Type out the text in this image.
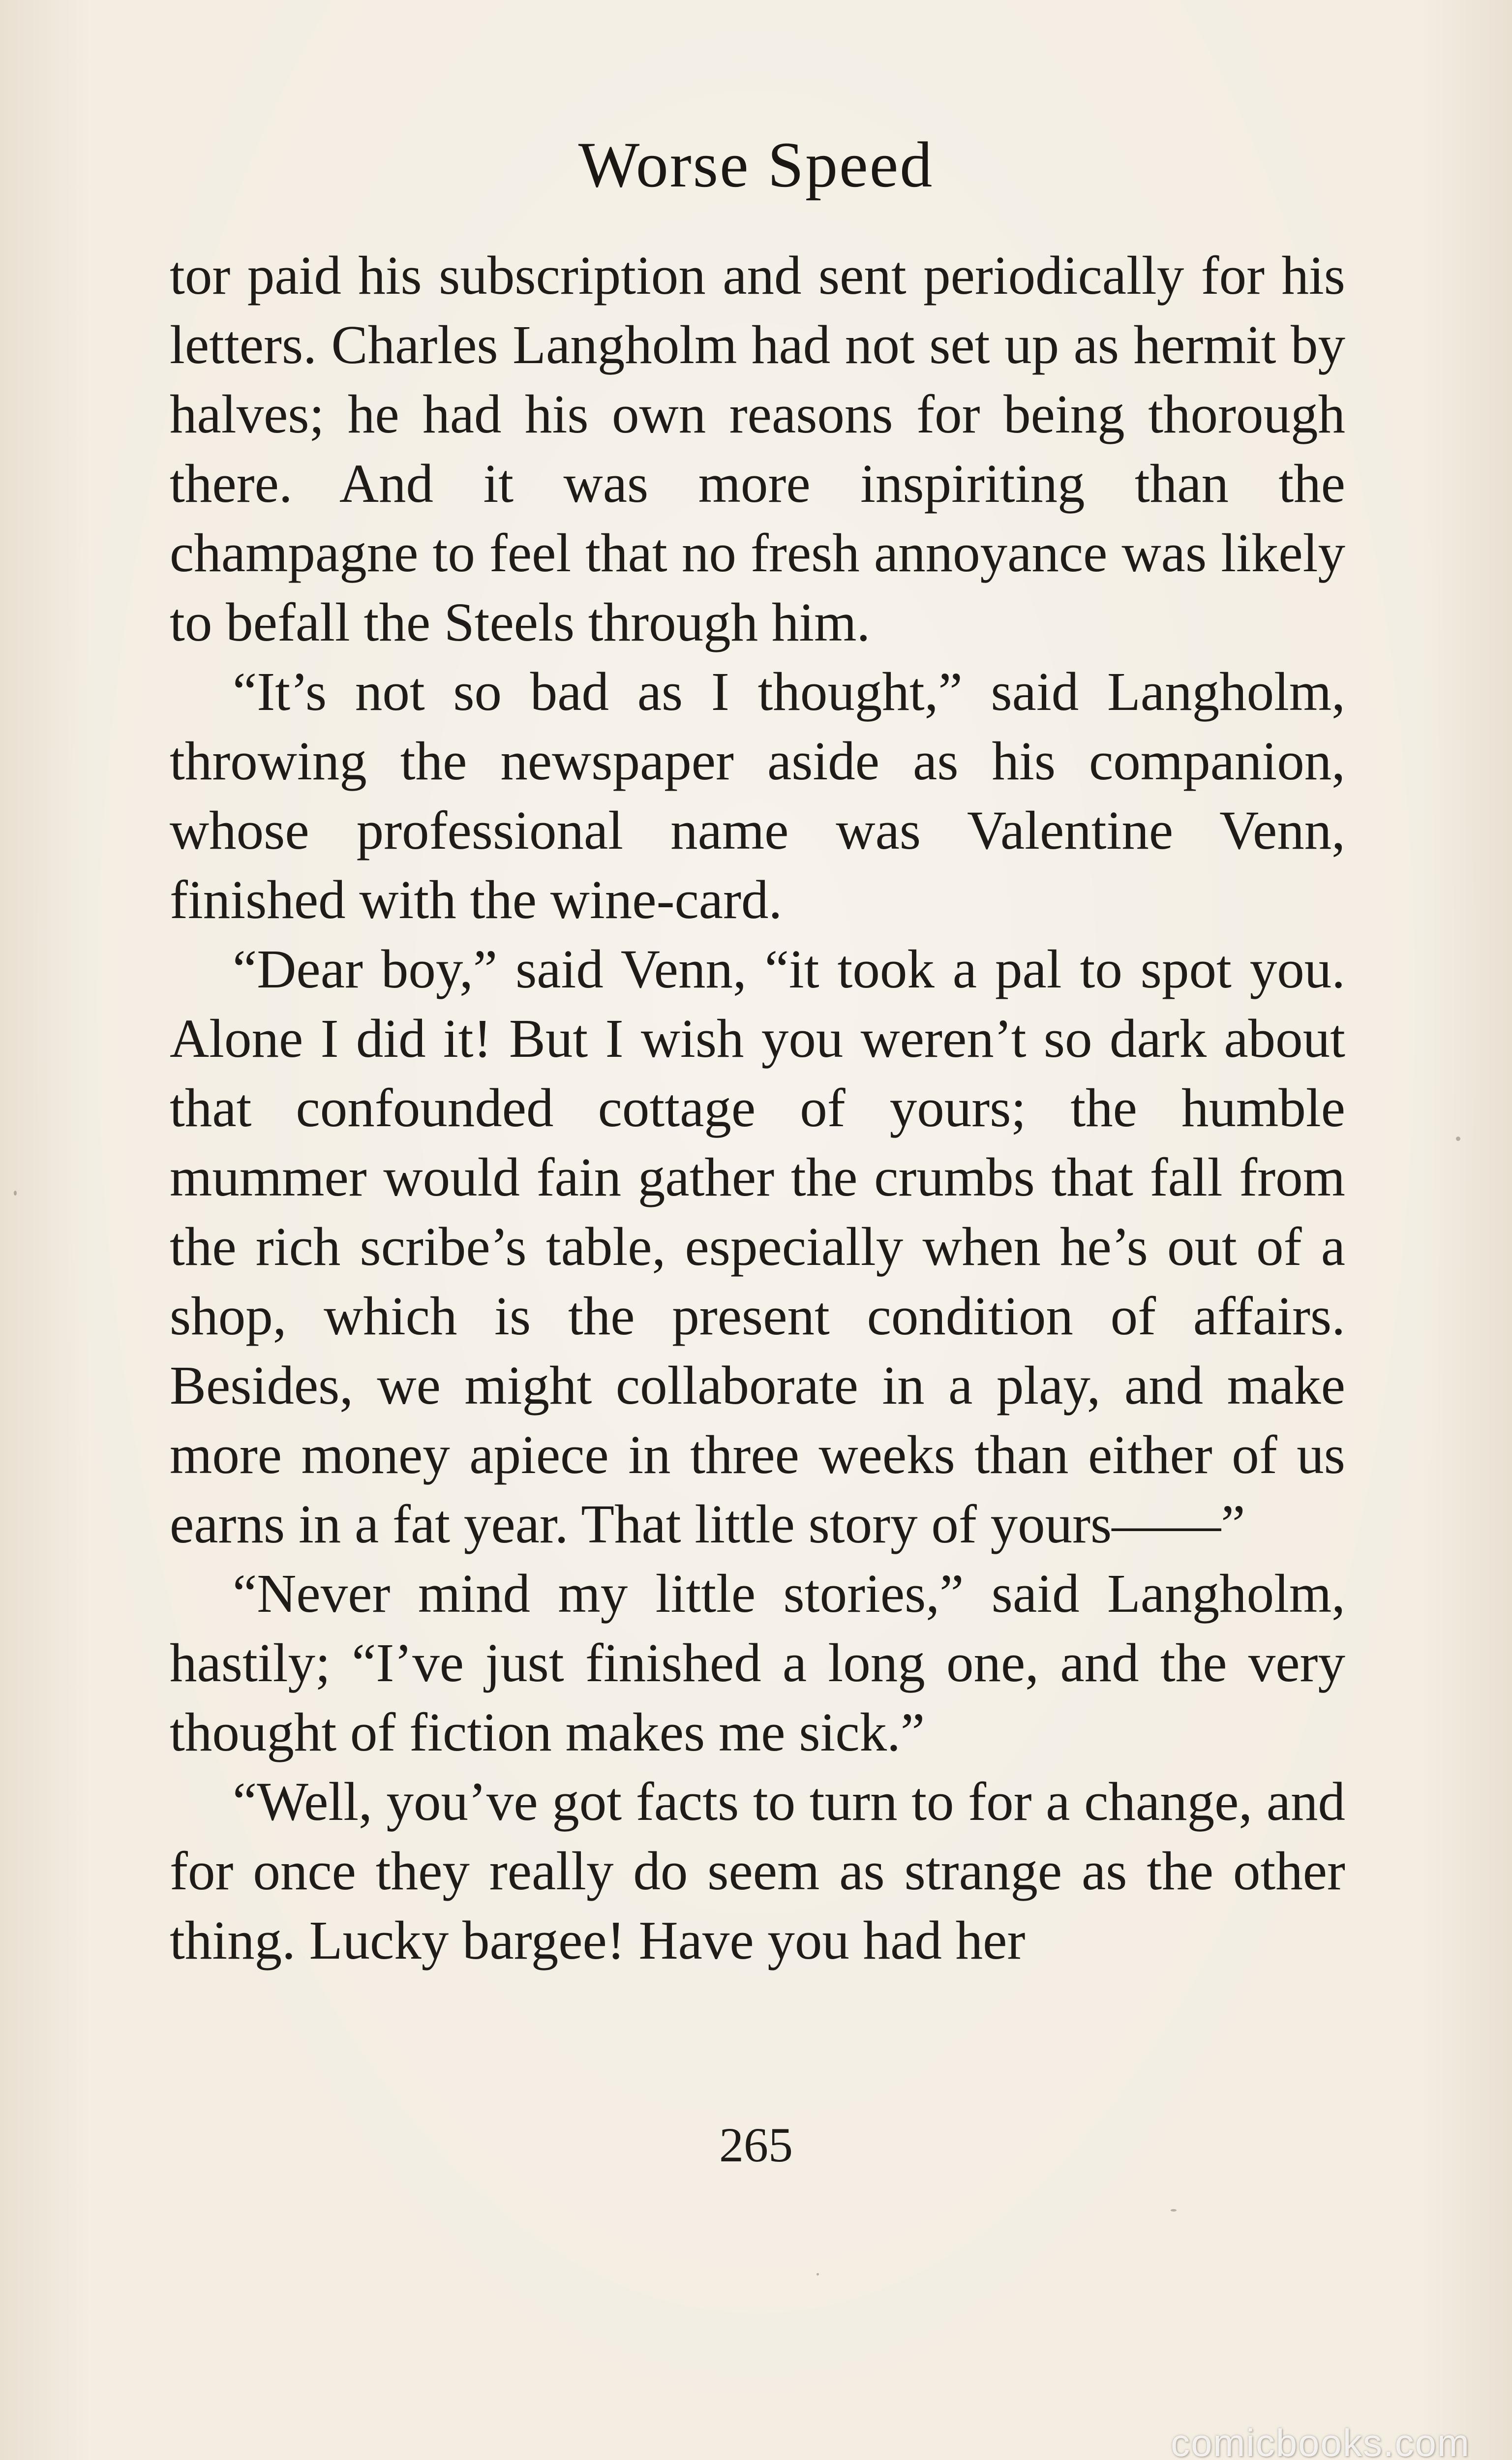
Worse Speed

tor paid his subscription and sent periodically for his letters. Charles Langholm had not set up as hermit by halves; he had his own reasons for being thorough there. And it was more inspiriting than the champagne to feel that no fresh annoyance was likely to befall the Steels through him.

“It’s not so bad as I thought,” said Langholm, throwing the newspaper aside as his companion, whose professional name was Valentine Venn, finished with the wine-card.

“Dear boy,” said Venn, “it took a pal to spot you. Alone I did it! But I wish you weren’t so dark about that confounded cottage of yours; the humble mummer would fain gather the crumbs that fall from the rich scribe’s table, especially when he’s out of a shop, which is the present condition of affairs. Besides, we might collaborate in a play, and make more money apiece in three weeks than either of us earns in a fat year. That little story of yours——”

“Never mind my little stories,” said Langholm, hastily; “I’ve just finished a long one, and the very thought of fiction makes me sick.”

“Well, you’ve got facts to turn to for a change, and for once they really do seem as strange as the other thing. Lucky bargee! Have you had her

265
comicbooks.com
